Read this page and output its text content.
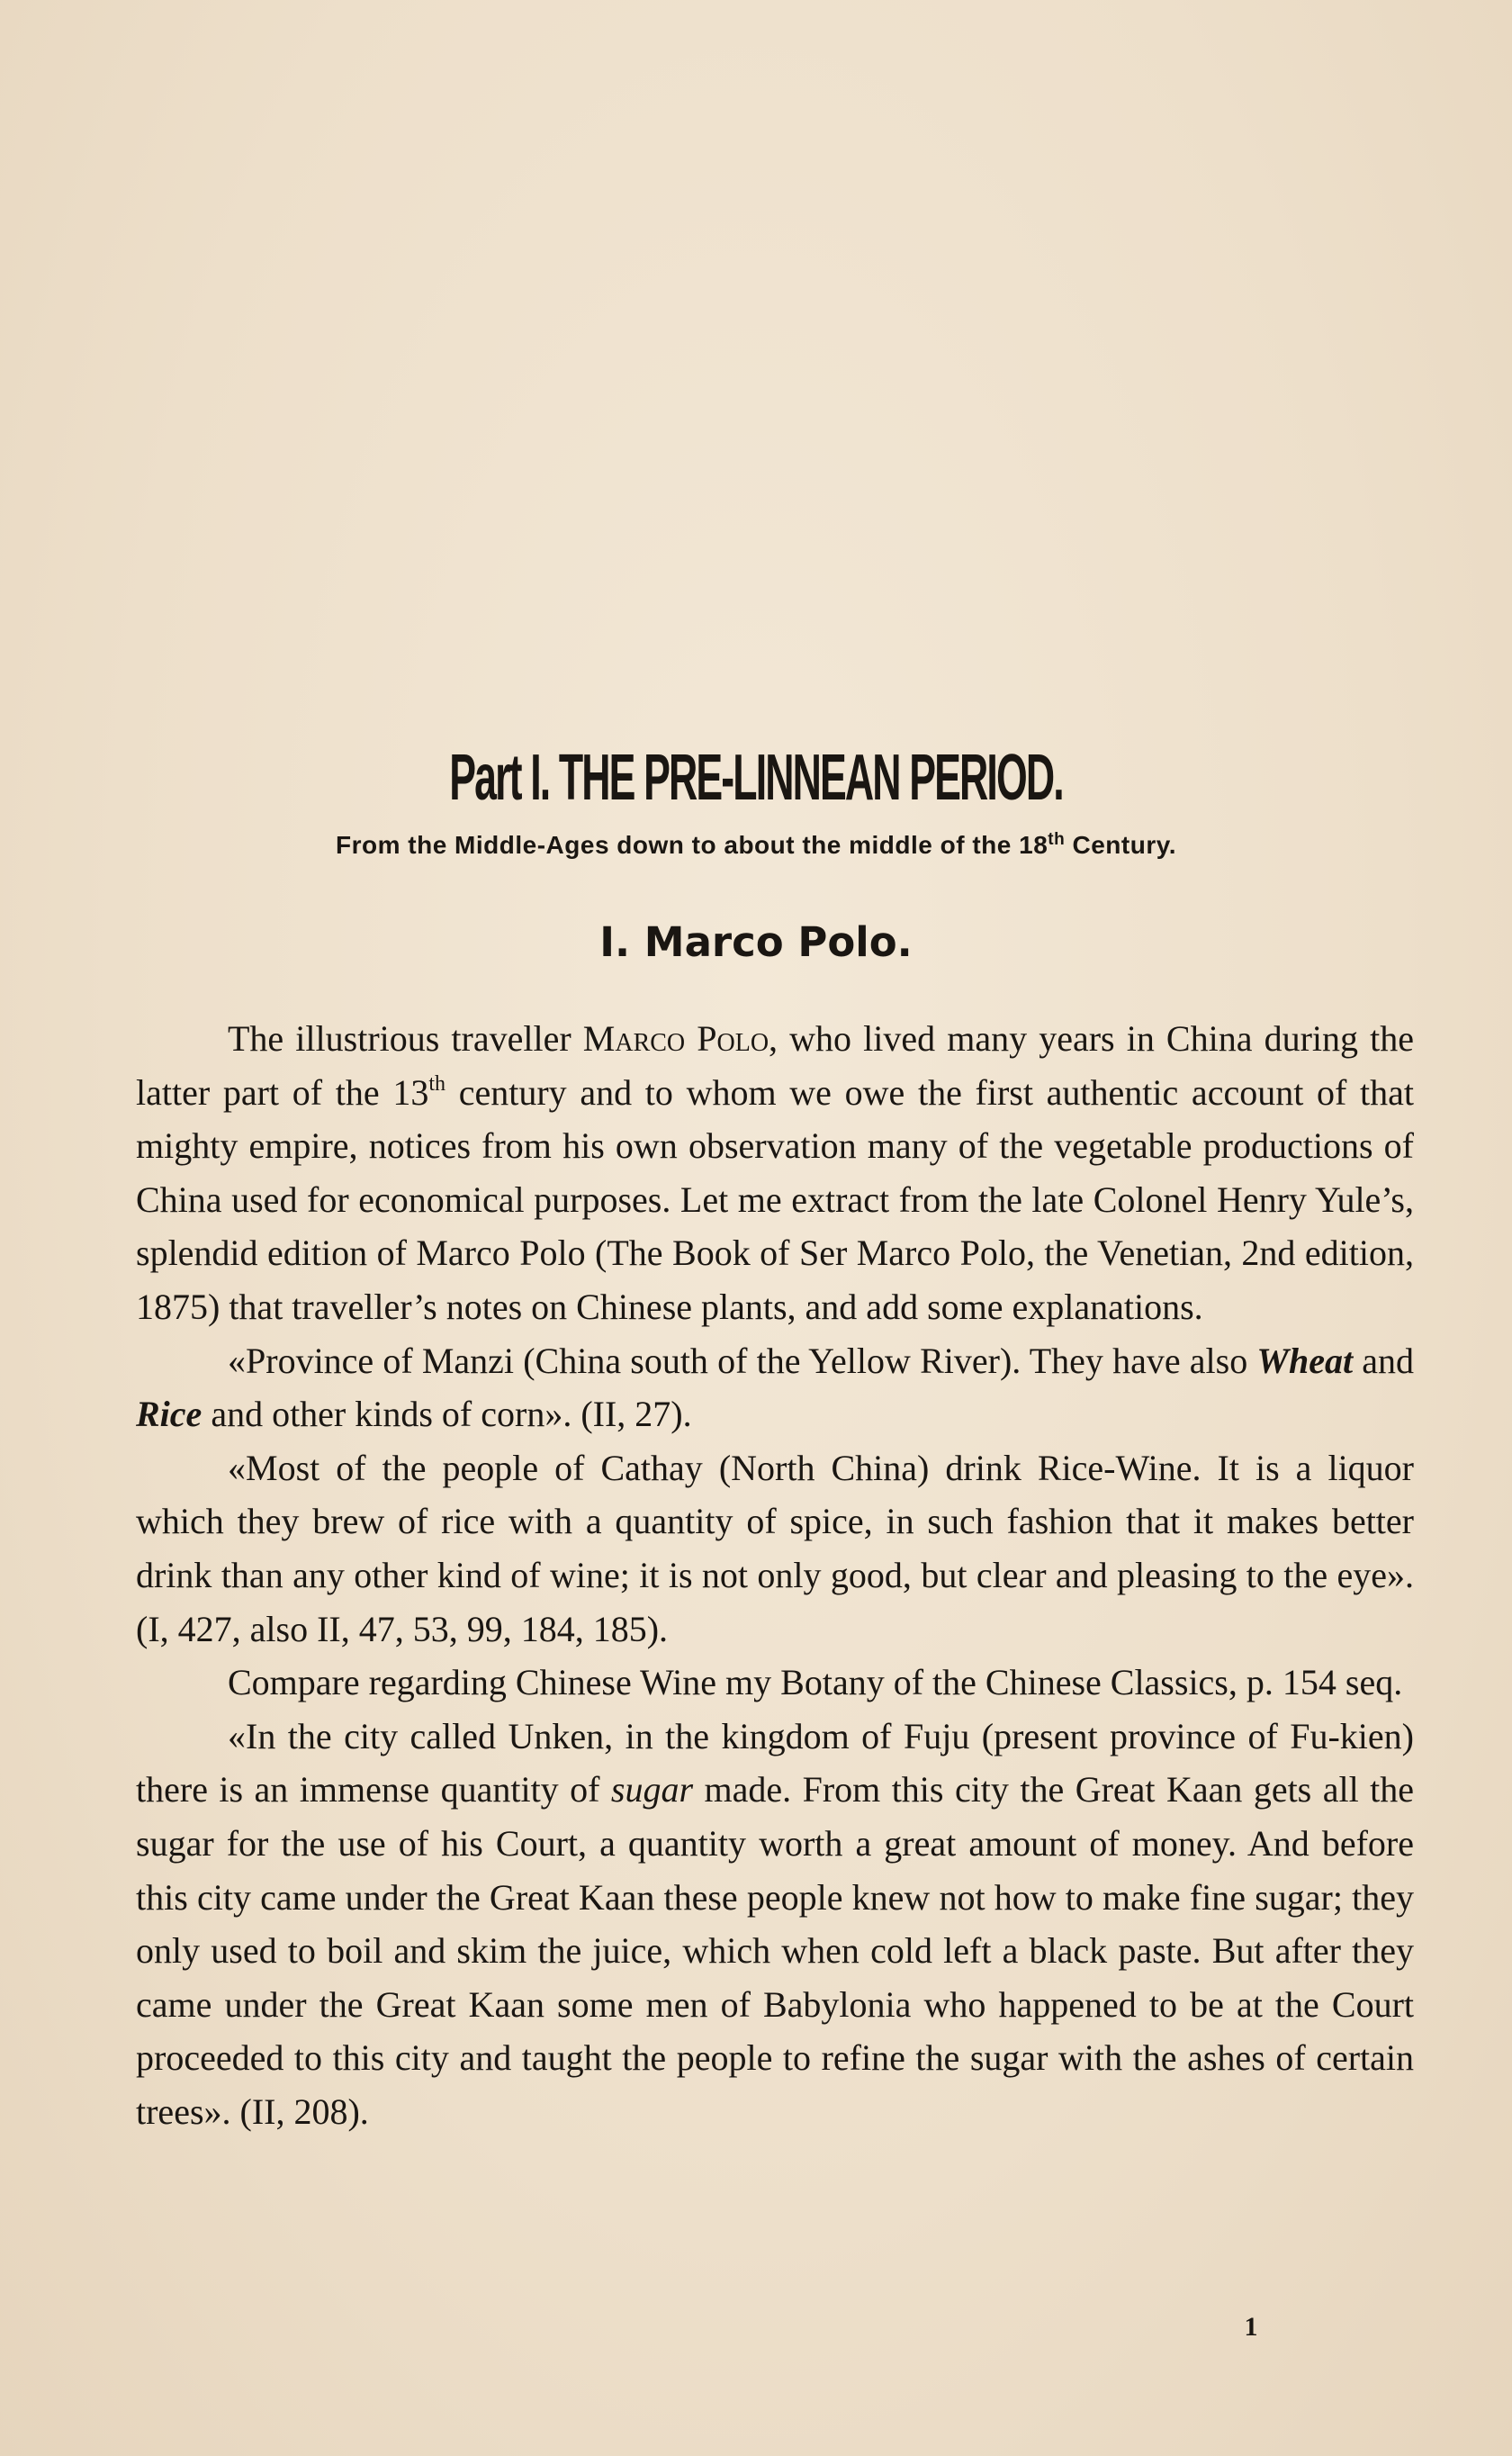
Part I. THE PRE-LINNEAN PERIOD.
From the Middle-Ages down to about the middle of the 18th Century.
I. Marco Polo.

The illustrious traveller Marco Polo, who lived many years in China during the latter part of the 13th century and to whom we owe the first authentic account of that mighty empire, notices from his own observation many of the vegetable productions of China used for economical purposes. Let me extract from the late Colonel Henry Yule’s, splendid edition of Marco Polo (The Book of Ser Marco Polo, the Venetian, 2nd edition, 1875) that traveller’s notes on Chinese plants, and add some explanations.

«Province of Manzi (China south of the Yellow River). They have also Wheat and Rice and other kinds of corn». (II, 27).

«Most of the people of Cathay (North China) drink Rice-Wine. It is a liquor which they brew of rice with a quantity of spice, in such fashion that it makes better drink than any other kind of wine; it is not only good, but clear and pleasing to the eye». (I, 427, also II, 47, 53, 99, 184, 185).

Compare regarding Chinese Wine my Botany of the Chinese Classics, p. 154 seq.

«In the city called Unken, in the kingdom of Fuju (present province of Fu-kien) there is an immense quantity of sugar made. From this city the Great Kaan gets all the sugar for the use of his Court, a quantity worth a great amount of money. And before this city came under the Great Kaan these people knew not how to make fine sugar; they only used to boil and skim the juice, which when cold left a black paste. But after they came under the Great Kaan some men of Babylonia who happened to be at the Court proceeded to this city and taught the people to refine the sugar with the ashes of certain trees». (II, 208).

1
